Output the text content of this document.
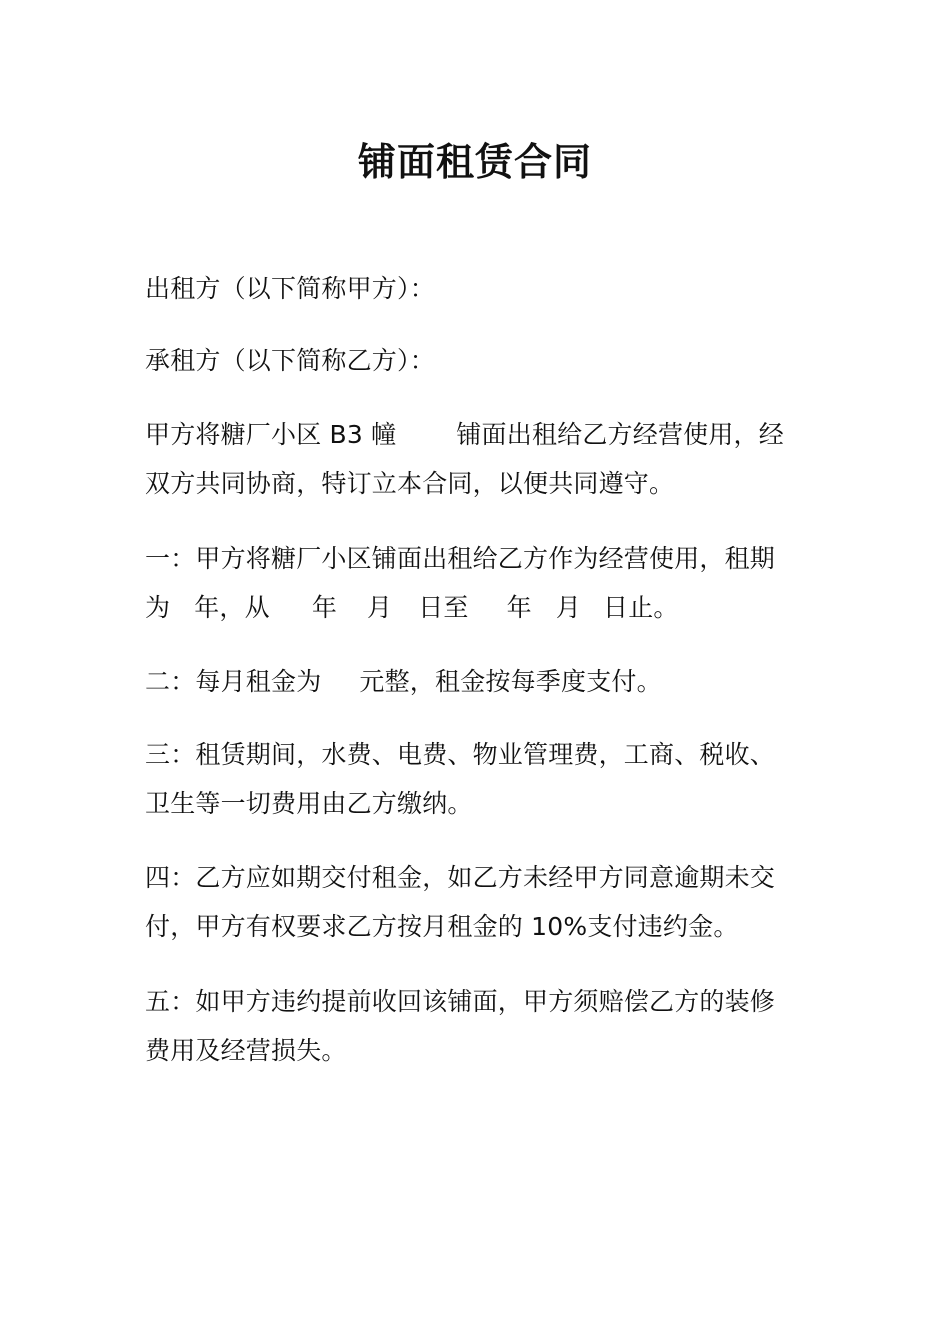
铺面租赁合同
出租方（以下简称甲方）：
承租方（以下简称乙方）：
甲方将糖厂小区 B3 幢 铺面出租给乙方经营使用，经
双方共同协商，特订立本合同，以便共同遵守。
一：甲方将糖厂小区铺面出租给乙方作为经营使用，租期
为 年，从 年 月 日至 年 月 日止。
二：每月租金为 元整，租金按每季度支付。
三：租赁期间，水费、电费、物业管理费，工商、税收、
卫生等一切费用由乙方缴纳。
四：乙方应如期交付租金，如乙方未经甲方同意逾期未交
付，甲方有权要求乙方按月租金的 10%支付违约金。
五：如甲方违约提前收回该铺面，甲方须赔偿乙方的装修
费用及经营损失。
